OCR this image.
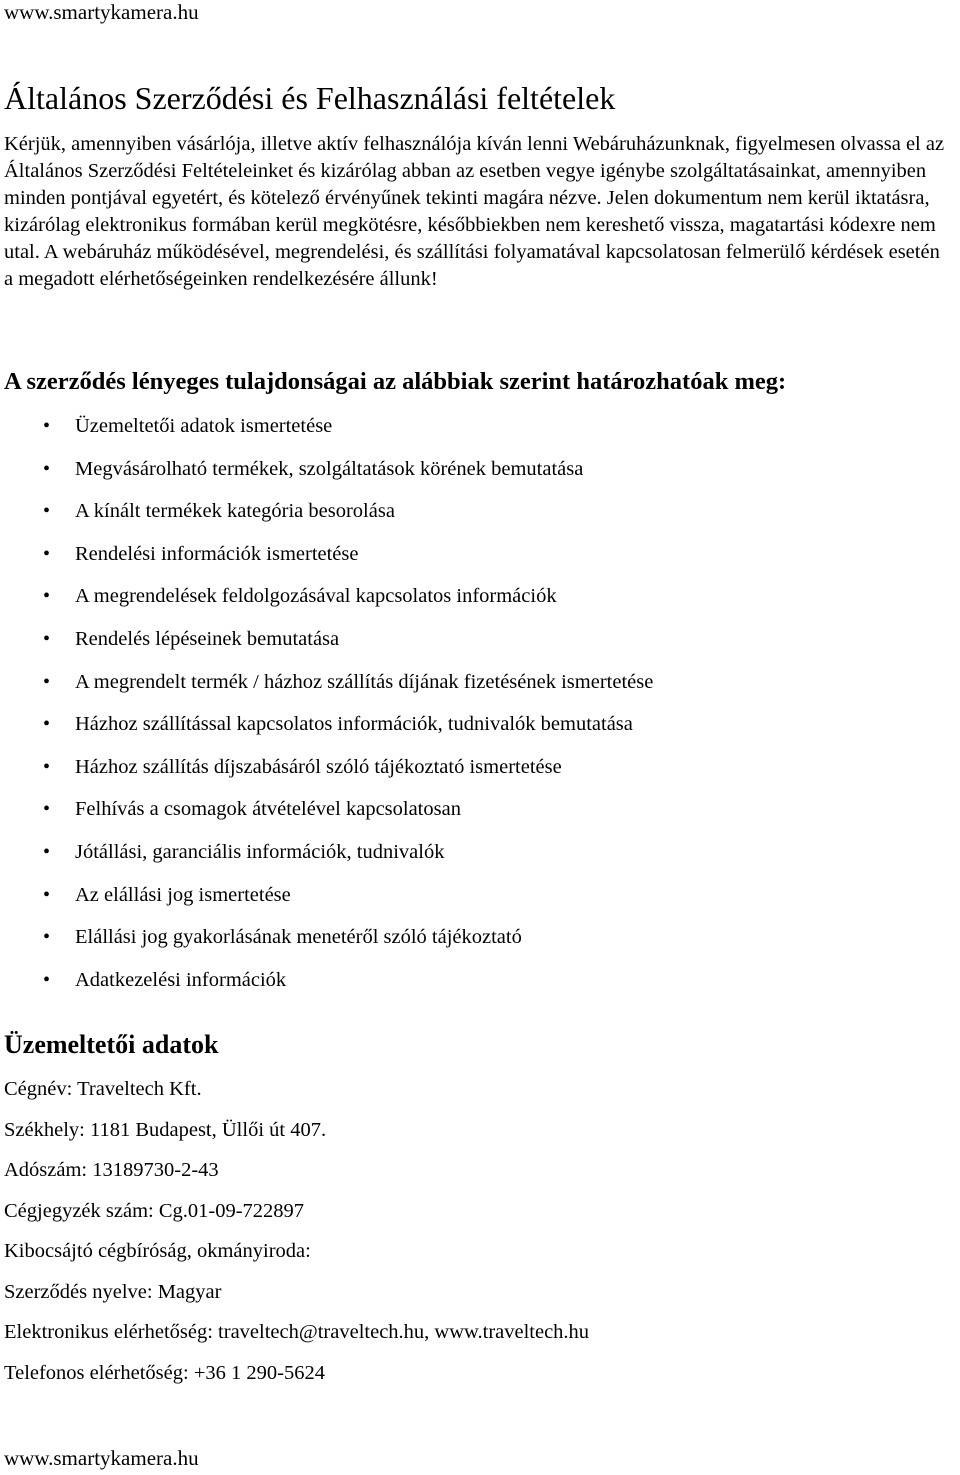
www.smartykamera.hu
Általános Szerződési és Felhasználási feltételek

Kérjük, amennyiben vásárlója, illetve aktív felhasználója kíván lenni Webáruházunknak, figyelmesen olvassa el az Általános Szerződési Feltételeinket és kizárólag abban az esetben vegye igénybe szolgáltatásainkat, amennyiben minden pontjával egyetért, és kötelező érvényűnek tekinti magára nézve. Jelen dokumentum nem kerül iktatásra, kizárólag elektronikus formában kerül megkötésre, későbbiekben nem kereshető vissza, magatartási kódexre nem utal. A webáruház működésével, megrendelési, és szállítási folyamatával kapcsolatosan felmerülő kérdések esetén a megadott elérhetőségeinken rendelkezésére állunk!

A szerződés lényeges tulajdonságai az alábbiak szerint határozhatóak meg:
• Üzemeltetői adatok ismertetése
• Megvásárolható termékek, szolgáltatások körének bemutatása
• A kínált termékek kategória besorolása
• Rendelési információk ismertetése
• A megrendelések feldolgozásával kapcsolatos információk
• Rendelés lépéseinek bemutatása
• A megrendelt termék / házhoz szállítás díjának fizetésének ismertetése
• Házhoz szállítással kapcsolatos információk, tudnivalók bemutatása
• Házhoz szállítás díjszabásáról szóló tájékoztató ismertetése
• Felhívás a csomagok átvételével kapcsolatosan
• Jótállási, garanciális információk, tudnivalók
• Az elállási jog ismertetése
• Elállási jog gyakorlásának menetéről szóló tájékoztató
• Adatkezelési információk
Üzemeltetői adatok
Cégnév: Traveltech Kft.
Székhely: 1181 Budapest, Üllői út 407.
Adószám: 13189730-2-43
Cégjegyzék szám: Cg.01-09-722897
Kibocsájtó cégbíróság, okmányiroda:
Szerződés nyelve: Magyar
Elektronikus elérhetőség: traveltech@traveltech.hu, www.traveltech.hu
Telefonos elérhetőség: +36 1 290-5624
www.smartykamera.hu
